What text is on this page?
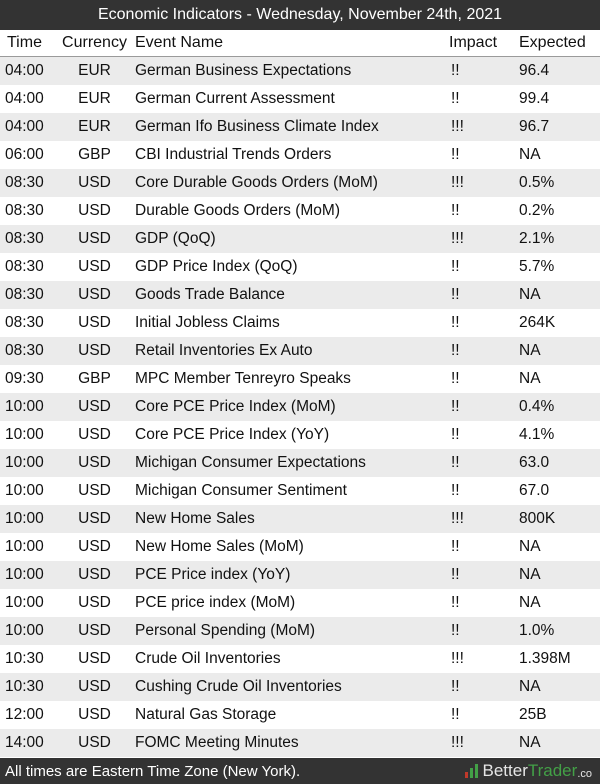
Economic Indicators - Wednesday, November 24th, 2021
Time	Currency	Event Name	Impact	Expected
04:00	EUR	German Business Expectations	!!	96.4
04:00	EUR	German Current Assessment	!!	99.4
04:00	EUR	German Ifo Business Climate Index	!!!	96.7
06:00	GBP	CBI Industrial Trends Orders	!!	NA
08:30	USD	Core Durable Goods Orders (MoM)	!!!	0.5%
08:30	USD	Durable Goods Orders (MoM)	!!	0.2%
08:30	USD	GDP (QoQ)	!!!	2.1%
08:30	USD	GDP Price Index (QoQ)	!!	5.7%
08:30	USD	Goods Trade Balance	!!	NA
08:30	USD	Initial Jobless Claims	!!	264K
08:30	USD	Retail Inventories Ex Auto	!!	NA
09:30	GBP	MPC Member Tenreyro Speaks	!!	NA
10:00	USD	Core PCE Price Index (MoM)	!!	0.4%
10:00	USD	Core PCE Price Index (YoY)	!!	4.1%
10:00	USD	Michigan Consumer Expectations	!!	63.0
10:00	USD	Michigan Consumer Sentiment	!!	67.0
10:00	USD	New Home Sales	!!!	800K
10:00	USD	New Home Sales (MoM)	!!	NA
10:00	USD	PCE Price index (YoY)	!!	NA
10:00	USD	PCE price index (MoM)	!!	NA
10:00	USD	Personal Spending (MoM)	!!	1.0%
10:30	USD	Crude Oil Inventories	!!!	1.398M
10:30	USD	Cushing Crude Oil Inventories	!!	NA
12:00	USD	Natural Gas Storage	!!	25B
14:00	USD	FOMC Meeting Minutes	!!!	NA
All times are Eastern Time Zone (New York).	Better Trader .co
